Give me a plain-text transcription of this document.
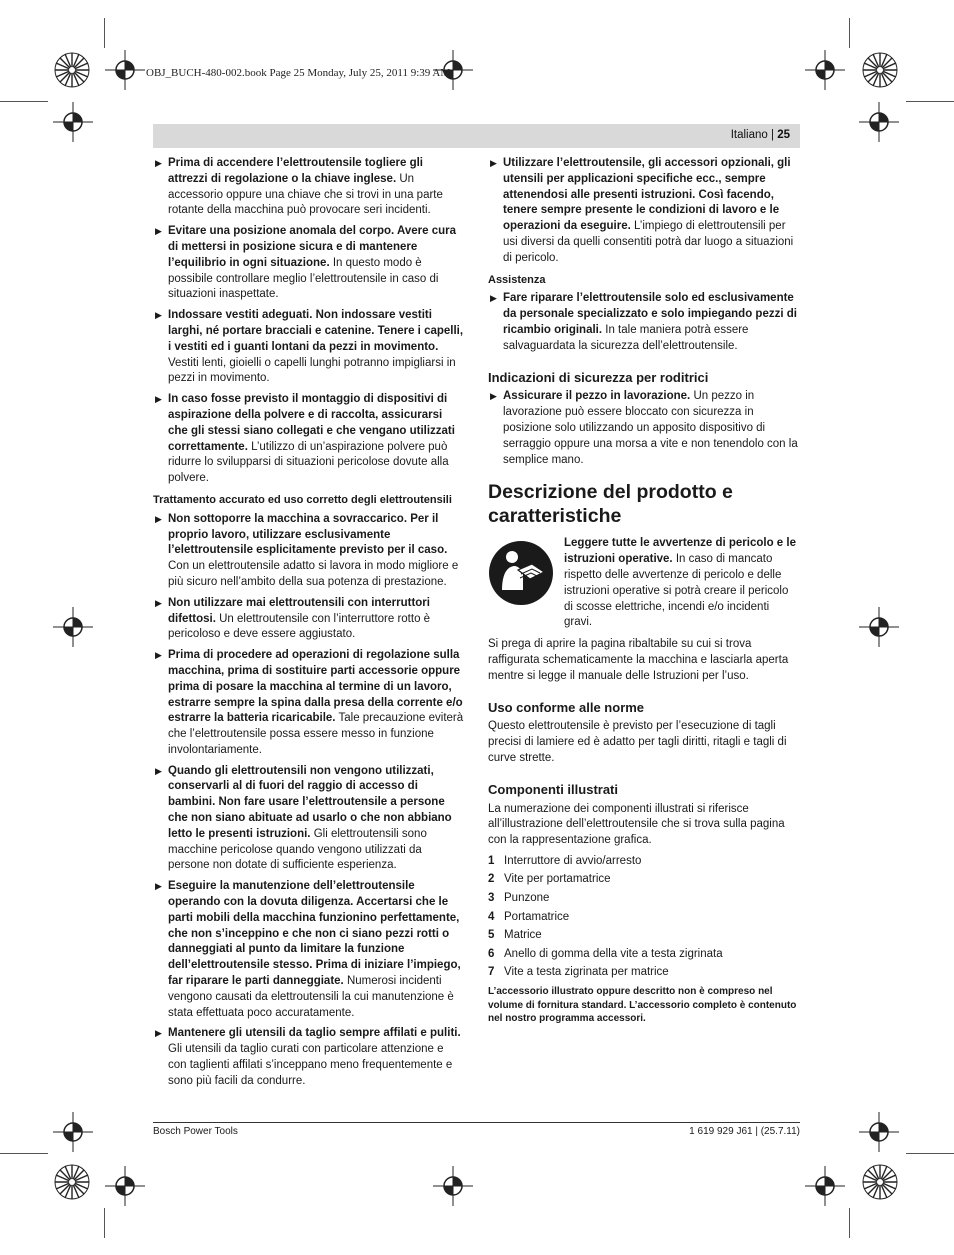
OBJ_BUCH-480-002.book Page 25 Monday, July 25, 2011 9:39 AM
Italiano | 25
▶ Prima di accendere l’elettroutensile togliere gli attrezzi di regolazione o la chiave inglese. Un accessorio oppure una chiave che si trovi in una parte rotante della macchina può provocare seri incidenti.
▶ Evitare una posizione anomala del corpo. Avere cura di mettersi in posizione sicura e di mantenere l’equilibrio in ogni situazione. In questo modo è possibile controllare meglio l’elettroutensile in caso di situazioni inaspettate.
▶ Indossare vestiti adeguati. Non indossare vestiti larghi, né portare bracciali e catenine. Tenere i capelli, i vestiti ed i guanti lontani da pezzi in movimento. Vestiti lenti, gioielli o capelli lunghi potranno impigliarsi in pezzi in movimento.
▶ In caso fosse previsto il montaggio di dispositivi di aspirazione della polvere e di raccolta, assicurarsi che gli stessi siano collegati e che vengano utilizzati correttamente. L’utilizzo di un’aspirazione polvere può ridurre lo svilupparsi di situazioni pericolose dovute alla polvere.
Trattamento accurato ed uso corretto degli elettroutensili
▶ Non sottoporre la macchina a sovraccarico. Per il proprio lavoro, utilizzare esclusivamente l’elettroutensile esplicitamente previsto per il caso. Con un elettroutensile adatto si lavora in modo migliore e più sicuro nell’ambito della sua potenza di prestazione.
▶ Non utilizzare mai elettroutensili con interruttori difettosi. Un elettroutensile con l’interruttore rotto è pericoloso e deve essere aggiustato.
▶ Prima di procedere ad operazioni di regolazione sulla macchina, prima di sostituire parti accessorie oppure prima di posare la macchina al termine di un lavoro, estrarre sempre la spina dalla presa della corrente e/o estrarre la batteria ricaricabile. Tale precauzione eviterà che l’elettroutensile possa essere messo in funzione involontariamente.
▶ Quando gli elettroutensili non vengono utilizzati, conservarli al di fuori del raggio di accesso di bambini. Non fare usare l’elettroutensile a persone che non siano abituate ad usarlo o che non abbiano letto le presenti istruzioni. Gli elettroutensili sono macchine pericolose quando vengono utilizzati da persone non dotate di sufficiente esperienza.
▶ Eseguire la manutenzione dell’elettroutensile operando con la dovuta diligenza. Accertarsi che le parti mobili della macchina funzionino perfettamente, che non s’inceppino e che non ci siano pezzi rotti o danneggiati al punto da limitare la funzione dell’elettroutensile stesso. Prima di iniziare l’impiego, far riparare le parti danneggiate. Numerosi incidenti vengono causati da elettroutensili la cui manutenzione è stata effettuata poco accuratamente.
▶ Mantenere gli utensili da taglio sempre affilati e puliti. Gli utensili da taglio curati con particolare attenzione e con taglienti affilati s’inceppano meno frequentemente e sono più facili da condurre.
▶ Utilizzare l’elettroutensile, gli accessori opzionali, gli utensili per applicazioni specifiche ecc., sempre attenendosi alle presenti istruzioni. Così facendo, tenere sempre presente le condizioni di lavoro e le operazioni da eseguire. L’impiego di elettroutensili per usi diversi da quelli consentiti potrà dar luogo a situazioni di pericolo.
Assistenza
▶ Fare riparare l’elettroutensile solo ed esclusivamente da personale specializzato e solo impiegando pezzi di ricambio originali. In tale maniera potrà essere salvaguardata la sicurezza dell’elettroutensile.
Indicazioni di sicurezza per roditrici
▶ Assicurare il pezzo in lavorazione. Un pezzo in lavorazione può essere bloccato con sicurezza in posizione solo utilizzando un apposito dispositivo di serraggio oppure una morsa a vite e non tenendolo con la semplice mano.
Descrizione del prodotto e caratteristiche
Leggere tutte le avvertenze di pericolo e le istruzioni operative. In caso di mancato rispetto delle avvertenze di pericolo e delle istruzioni operative si potrà creare il pericolo di scosse elettriche, incendi e/o incidenti gravi.
Si prega di aprire la pagina ribaltabile su cui si trova raffigurata schematicamente la macchina e lasciarla aperta mentre si legge il manuale delle Istruzioni per l’uso.
Uso conforme alle norme
Questo elettroutensile è previsto per l’esecuzione di tagli precisi di lamiere ed è adatto per tagli diritti, ritagli e tagli di curve strette.
Componenti illustrati
La numerazione dei componenti illustrati si riferisce all’illustrazione dell’elettroutensile che si trova sulla pagina con la rappresentazione grafica.
1 Interruttore di avvio/arresto
2 Vite per portamatrice
3 Punzone
4 Portamatrice
5 Matrice
6 Anello di gomma della vite a testa zigrinata
7 Vite a testa zigrinata per matrice
L’accessorio illustrato oppure descritto non è compreso nel volume di fornitura standard. L’accessorio completo è contenuto nel nostro programma accessori.
Bosch Power Tools	1 619 929 J61 | (25.7.11)
